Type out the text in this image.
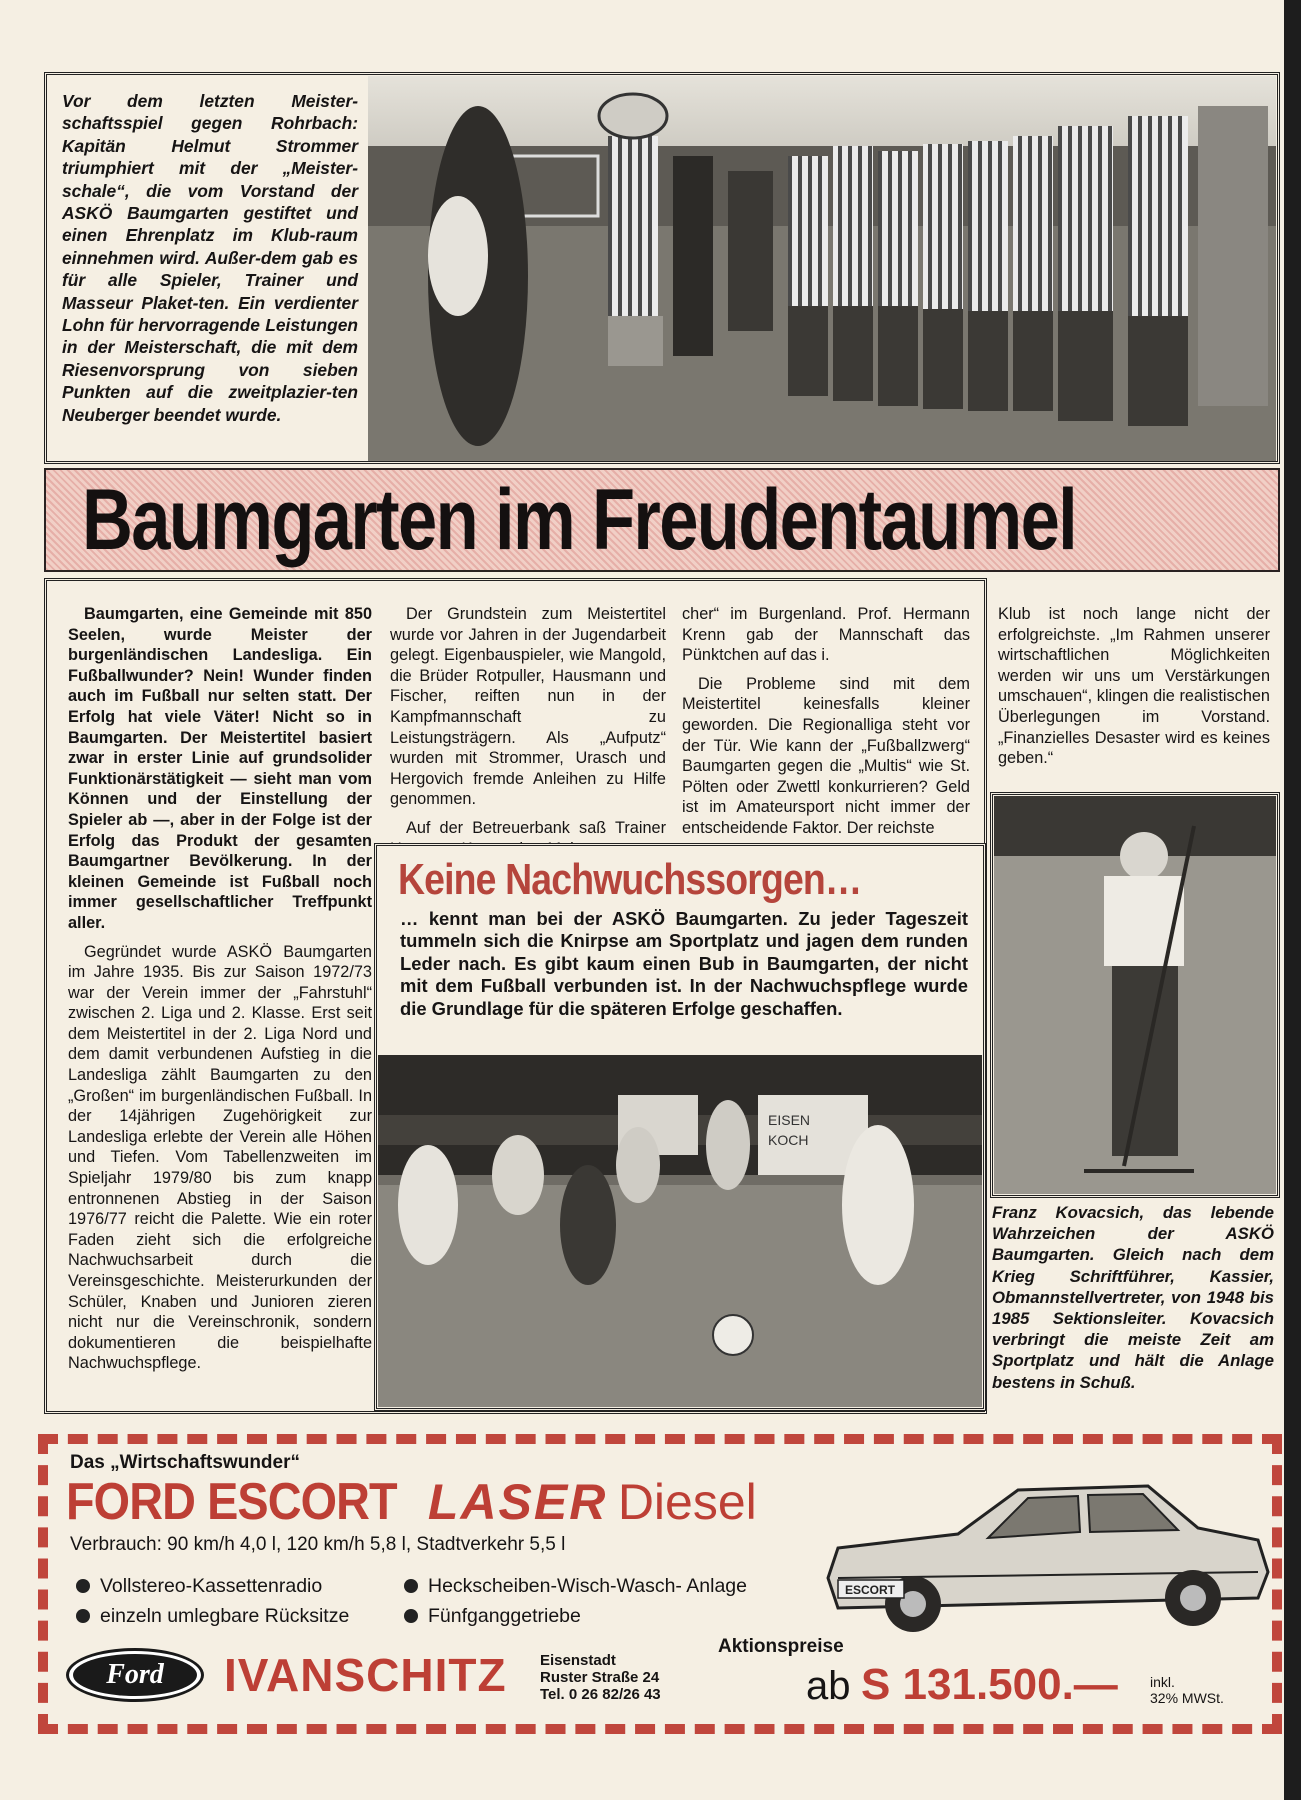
Vor dem letzten Meister-schaftsspiel gegen Rohrbach: Kapitän Helmut Strommer triumphiert mit der „Meister-schale“, die vom Vorstand der ASKÖ Baumgarten gestiftet und einen Ehrenplatz im Klub-raum einnehmen wird. Außer-dem gab es für alle Spieler, Trainer und Masseur Plaket-ten. Ein verdienter Lohn für hervorragende Leistungen in der Meisterschaft, die mit dem Riesenvorsprung von sieben Punkten auf die zweitplazier-ten Neuberger beendet wurde.
Baumgarten im Freudentaumel

Baumgarten, eine Gemeinde mit 850 Seelen, wurde Meister der burgenländischen Landesliga. Ein Fußballwunder? Nein! Wunder finden auch im Fußball nur selten statt. Der Erfolg hat viele Väter! Nicht so in Baumgarten. Der Meistertitel basiert zwar in erster Linie auf grundsolider Funktionärstätigkeit — sieht man vom Können und der Einstellung der Spieler ab —, aber in der Folge ist der Erfolg das Produkt der gesamten Baumgartner Bevölkerung. In der kleinen Gemeinde ist Fußball noch immer gesellschaftlicher Treffpunkt aller.

Gegründet wurde ASKÖ Baumgarten im Jahre 1935. Bis zur Saison 1972/73 war der Verein immer der „Fahrstuhl“ zwischen 2. Liga und 2. Klasse. Erst seit dem Meistertitel in der 2. Liga Nord und dem damit verbundenen Aufstieg in die Landesliga zählt Baumgarten zu den „Großen“ im burgenländischen Fußball. In der 14jährigen Zugehörigkeit zur Landesliga erlebte der Verein alle Höhen und Tiefen. Vom Tabellenzweiten im Spieljahr 1979/80 bis zum knapp entronnenen Abstieg in der Saison 1976/77 reicht die Palette. Wie ein roter Faden zieht sich die erfolgreiche Nachwuchsarbeit durch die Vereinsgeschichte. Meisterurkunden der Schüler, Knaben und Junioren zieren nicht nur die Vereinschronik, sondern dokumentieren die beispielhafte Nachwuchspflege.

Der Grundstein zum Meistertitel wurde vor Jahren in der Jugendarbeit gelegt. Eigenbauspieler, wie Mangold, die Brüder Rotpuller, Hausmann und Fischer, reiften nun in der Kampfmannschaft zu Leistungsträgern. Als „Aufputz“ wurden mit Strommer, Urasch und Hergovich fremde Anleihen zu Hilfe genommen.

Auf der Betreuerbank saß Trainer

cher“ im Burgenland. Prof. Hermann Krenn gab der Mannschaft das Pünktchen auf das i.

Die Probleme sind mit dem Meistertitel keinesfalls kleiner geworden. Die Regionalliga steht vor der Tür. Wie kann der „Fußballzwerg“ Baumgarten gegen die „Multis“ wie St. Pölten oder Zwettl konkurrieren? Geld ist im Amateursport nicht immer der entscheidende Faktor. Der reichste

Klub ist noch lange nicht der erfolgreichste. „Im Rahmen unserer wirtschaftlichen Möglichkeiten werden wir uns um Verstärkungen umschauen“, klingen die realistischen Überlegungen im Vorstand. „Finanzielles Desaster wird es keines geben.“

Keine Nachwuchssorgen…
… kennt man bei der ASKÖ Baumgarten. Zu jeder Tageszeit tummeln sich die Knirpse am Sportplatz und jagen dem runden Leder nach. Es gibt kaum einen Bub in Baumgarten, der nicht mit dem Fußball verbunden ist. In der Nachwuchspflege wurde die Grundlage für die späteren Erfolge geschaffen.
EISEN
KOCH
Franz Kovacsich, das lebende Wahrzeichen der ASKÖ Baumgarten. Gleich nach dem Krieg Schriftführer, Kassier, Obmannstellvertreter, von 1948 bis 1985 Sektionsleiter. Kovacsich verbringt die meiste Zeit am Sportplatz und hält die Anlage bestens in Schuß.
Das „Wirtschaftswunder“
FORD ESCORT LASER Diesel
Verbrauch: 90 km/h 4,0 l, 120 km/h 5,8 l, Stadtverkehr 5,5 l
Vollstereo-Kassettenradio
einzeln umlegbare Rücksitze
Heckscheiben-Wisch-Wasch- Anlage
Fünfganggetriebe
ESCORT
Ford IVANSCHITZ Eisenstadt
Ruster Straße 24
Tel. 0 26 82/26 43
Aktionspreise
ab S 131.500.— inkl.
32% MWSt.
